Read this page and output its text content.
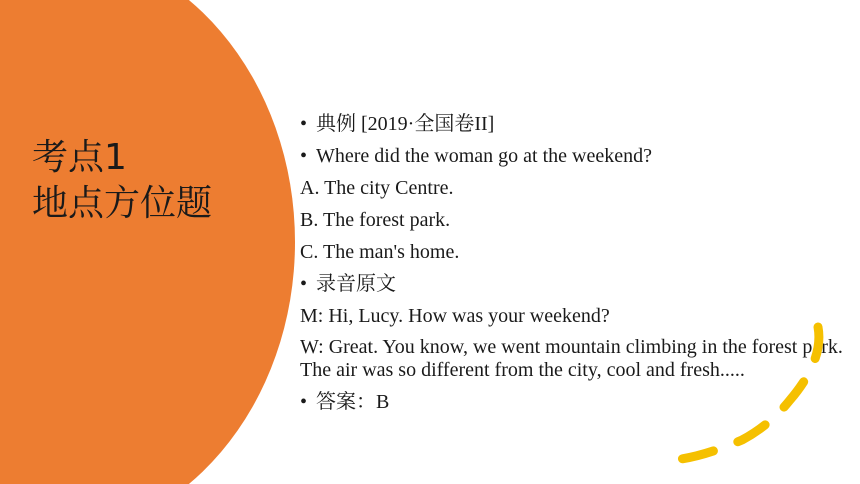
考点1
地点方位题
• 典例 [2019·全国卷II]
• Where did the woman go at the weekend?
A. The city Centre.
B. The forest park.
C. The man's home.
• 录音原文
M: Hi, Lucy. How was your weekend?
W: Great. You know, we went mountain climbing in the forest park. The air was so different from the city, cool and fresh.....
• 答案：B
